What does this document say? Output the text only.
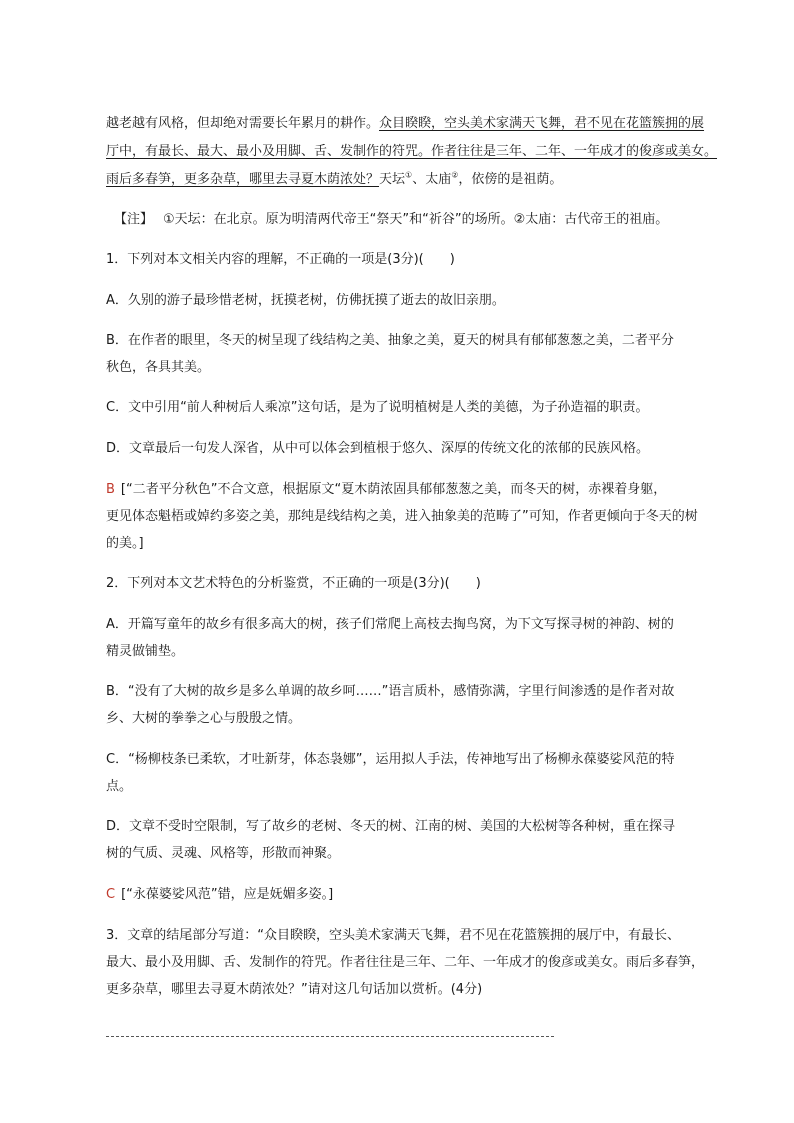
越老越有风格，但却绝对需要长年累月的耕作。众目睽睽，空头美术家满天飞舞，君不见在花篮簇拥的展
厅中，有最长、最大、最小及用脚、舌、发制作的符咒。作者往往是三年、二年、一年成才的俊彦或美女。
雨后多春笋，更多杂草，哪里去寻夏木荫浓处？天坛①、太庙②，依傍的是祖荫。
【注】 ①天坛：在北京。原为明清两代帝王“祭天”和“祈谷”的场所。②太庙：古代帝王的祖庙。
1．下列对本文相关内容的理解，不正确的一项是(3分)(　　)
A．久别的游子最珍惜老树，抚摸老树，仿佛抚摸了逝去的故旧亲朋。
B．在作者的眼里，冬天的树呈现了线结构之美、抽象之美，夏天的树具有郁郁葱葱之美，二者平分
秋色，各具其美。
C．文中引用“前人种树后人乘凉”这句话，是为了说明植树是人类的美德，为子孙造福的职责。
D．文章最后一句发人深省，从中可以体会到植根于悠久、深厚的传统文化的浓郁的民族风格。
B [“二者平分秋色”不合文意，根据原文“夏木荫浓固具郁郁葱葱之美，而冬天的树，赤裸着身躯，
更见体态魁梧或婥约多姿之美，那纯是线结构之美，进入抽象美的范畴了”可知，作者更倾向于冬天的树
的美。]
2．下列对本文艺术特色的分析鉴赏，不正确的一项是(3分)(　　)
A．开篇写童年的故乡有很多高大的树，孩子们常爬上高枝去掏鸟窝，为下文写探寻树的神韵、树的
精灵做铺垫。
B．“没有了大树的故乡是多么单调的故乡呵……”语言质朴，感情弥满，字里行间渗透的是作者对故
乡、大树的拳拳之心与殷殷之情。
C．“杨柳枝条已柔软，才吐新芽，体态袅娜”，运用拟人手法，传神地写出了杨柳永葆婆娑风范的特
点。
D．文章不受时空限制，写了故乡的老树、冬天的树、江南的树、美国的大松树等各种树，重在探寻
树的气质、灵魂、风格等，形散而神聚。
C [“永葆婆娑风范”错，应是妩媚多姿。]
3．文章的结尾部分写道：“众目睽睽，空头美术家满天飞舞，君不见在花篮簇拥的展厅中，有最长、
最大、最小及用脚、舌、发制作的符咒。作者往往是三年、二年、一年成才的俊彦或美女。雨后多春笋，
更多杂草，哪里去寻夏木荫浓处？”请对这几句话加以赏析。(4分)
